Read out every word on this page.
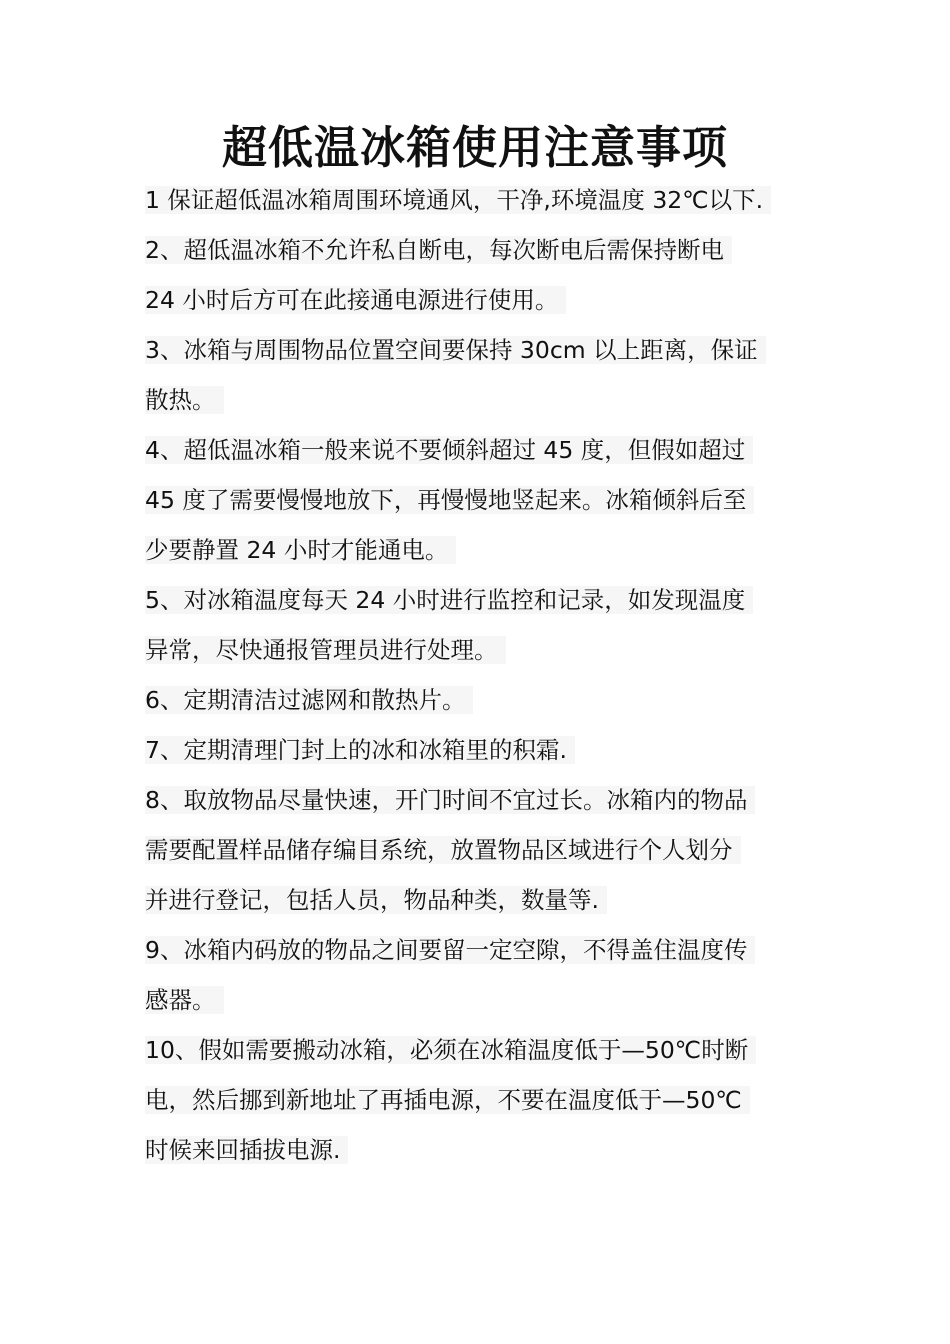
超低温冰箱使用注意事项
1 保证超低温冰箱周围环境通风，干净,环境温度 32℃以下.
2、超低温冰箱不允许私自断电，每次断电后需保持断电
24 小时后方可在此接通电源进行使用。
3、冰箱与周围物品位置空间要保持 30cm 以上距离，保证
散热。
4、超低温冰箱一般来说不要倾斜超过 45 度，但假如超过
45 度了需要慢慢地放下，再慢慢地竖起来。冰箱倾斜后至
少要静置 24 小时才能通电。
5、对冰箱温度每天 24 小时进行监控和记录，如发现温度
异常，尽快通报管理员进行处理。
6、定期清洁过滤网和散热片。
7、定期清理门封上的冰和冰箱里的积霜.
8、取放物品尽量快速，开门时间不宜过长。冰箱内的物品
需要配置样品储存编目系统，放置物品区域进行个人划分
并进行登记，包括人员，物品种类，数量等.
9、冰箱内码放的物品之间要留一定空隙，不得盖住温度传
感器。
10、假如需要搬动冰箱，必须在冰箱温度低于—50℃时断
电，然后挪到新地址了再插电源，不要在温度低于—50℃
时候来回插拔电源.
